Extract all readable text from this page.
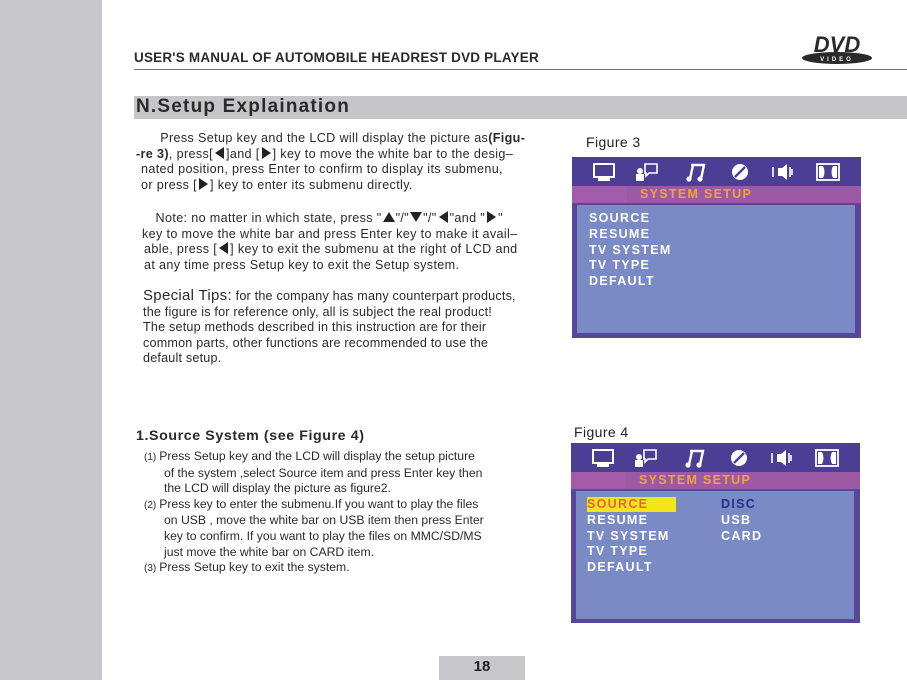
USER'S MANUAL OF AUTOMOBILE HEADREST DVD PLAYER
DVD
VIDEO
N.Setup Explaination
Press Setup key and the LCD will display the picture as(Figu-
-re 3), press[ ]and [ ] key to move the white bar to the desig–
nated position, press Enter to confirm to display its submenu,
or press [ ] key to enter its submenu directly.
Note: no matter in which state, press " "/" "/" "and " "
key to move the white bar and press Enter key to make it avail–
able, press [ ] key to exit the submenu at the right of LCD and
at any time press Setup key to exit the Setup system.
Special Tips: for the company has many counterpart products,
the figure is for reference only, all is subject the real product!
The setup methods described in this instruction are for their
common parts, other functions are recommended to use the
default setup.
Figure 3
SYSTEM SETUP
SOURCE
RESUME
TV SYSTEM
TV TYPE
DEFAULT
1.Source System (see Figure 4)
(1) Press Setup key and the LCD will display the setup picture
of the system ,select Source item and press Enter key then
the LCD will display the picture as figure2.
(2) Press key to enter the submenu.If you want to play the files
on USB , move the white bar on USB item then press Enter
key to confirm. If you want to play the files on MMC/SD/MS
just move the white bar on CARD item.
(3) Press Setup key to exit the system.
Figure 4
SYSTEM SETUP
SOURCE
RESUME
TV SYSTEM
TV TYPE
DEFAULT
DISC
USB
CARD
18
